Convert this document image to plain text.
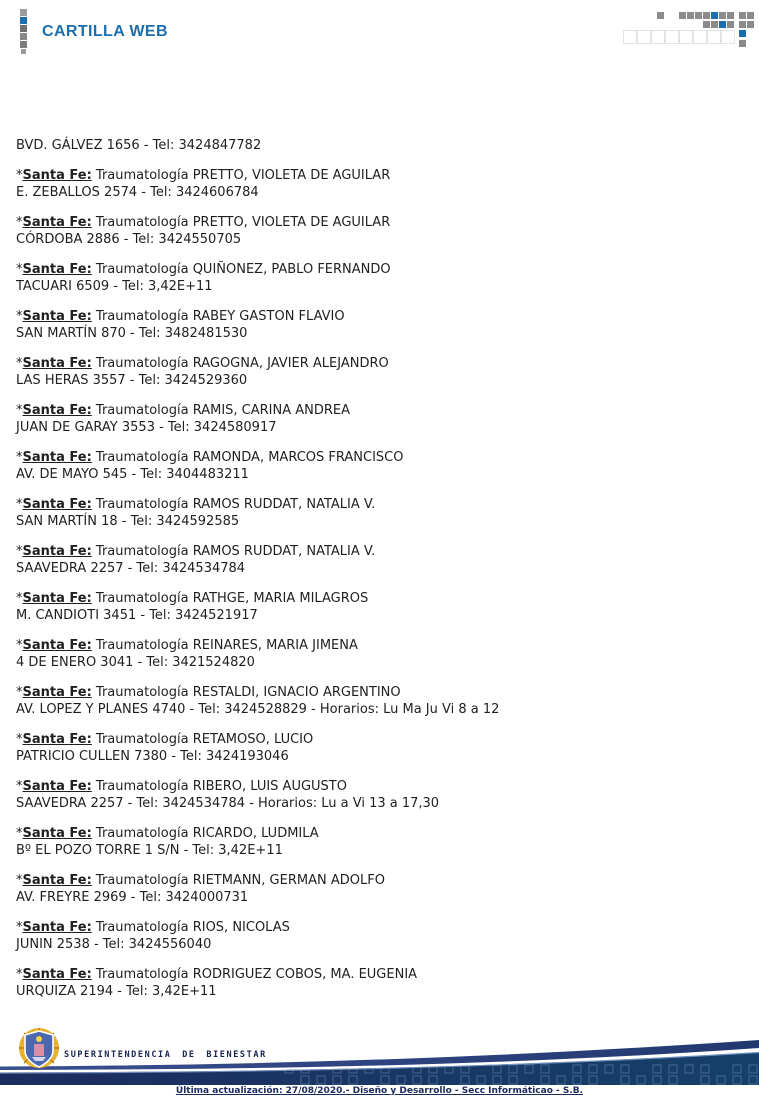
CARTILLA WEB

BVD. GÁLVEZ 1656 - Tel: 3424847782

*Santa Fe: Traumatología PRETTO, VIOLETA DE AGUILAR
E. ZEBALLOS 2574 - Tel: 3424606784

*Santa Fe: Traumatología PRETTO, VIOLETA DE AGUILAR
CÓRDOBA 2886 - Tel: 3424550705

*Santa Fe: Traumatología QUIÑONEZ, PABLO FERNANDO
TACUARI 6509 - Tel: 3,42E+11

*Santa Fe: Traumatología RABEY GASTON FLAVIO
SAN MARTÍN 870 - Tel: 3482481530

*Santa Fe: Traumatología RAGOGNA, JAVIER ALEJANDRO
LAS HERAS 3557 - Tel: 3424529360

*Santa Fe: Traumatología RAMIS, CARINA ANDREA
JUAN DE GARAY 3553 - Tel: 3424580917

*Santa Fe: Traumatología RAMONDA, MARCOS FRANCISCO
AV. DE MAYO 545 - Tel: 3404483211

*Santa Fe: Traumatología RAMOS RUDDAT, NATALIA V.
SAN MARTÍN 18 - Tel: 3424592585

*Santa Fe: Traumatología RAMOS RUDDAT, NATALIA V.
SAAVEDRA 2257 - Tel: 3424534784

*Santa Fe: Traumatología RATHGE, MARIA MILAGROS
M. CANDIOTI 3451 - Tel: 3424521917

*Santa Fe: Traumatología REINARES, MARIA JIMENA
4 DE ENERO 3041 - Tel: 3421524820

*Santa Fe: Traumatología RESTALDI, IGNACIO ARGENTINO
AV. LOPEZ Y PLANES 4740 - Tel: 3424528829 - Horarios: Lu Ma Ju Vi 8 a 12

*Santa Fe: Traumatología RETAMOSO, LUCIO
PATRICIO CULLEN 7380 - Tel: 3424193046

*Santa Fe: Traumatología RIBERO, LUIS AUGUSTO
SAAVEDRA 2257 - Tel: 3424534784 - Horarios: Lu a Vi 13 a 17,30

*Santa Fe: Traumatología RICARDO, LUDMILA
Bº EL POZO TORRE 1 S/N - Tel: 3,42E+11

*Santa Fe: Traumatología RIETMANN, GERMAN ADOLFO
AV. FREYRE 2969 - Tel: 3424000731

*Santa Fe: Traumatología RIOS, NICOLAS
JUNIN 2538 - Tel: 3424556040

*Santa Fe: Traumatología RODRIGUEZ COBOS, MA. EUGENIA
URQUIZA 2194 - Tel: 3,42E+11

SUPERINTENDENCIA DE BIENESTAR
Última actualización: 27/08/2020.- Diseño y Desarrollo - Secc Informáticao - S.B.
